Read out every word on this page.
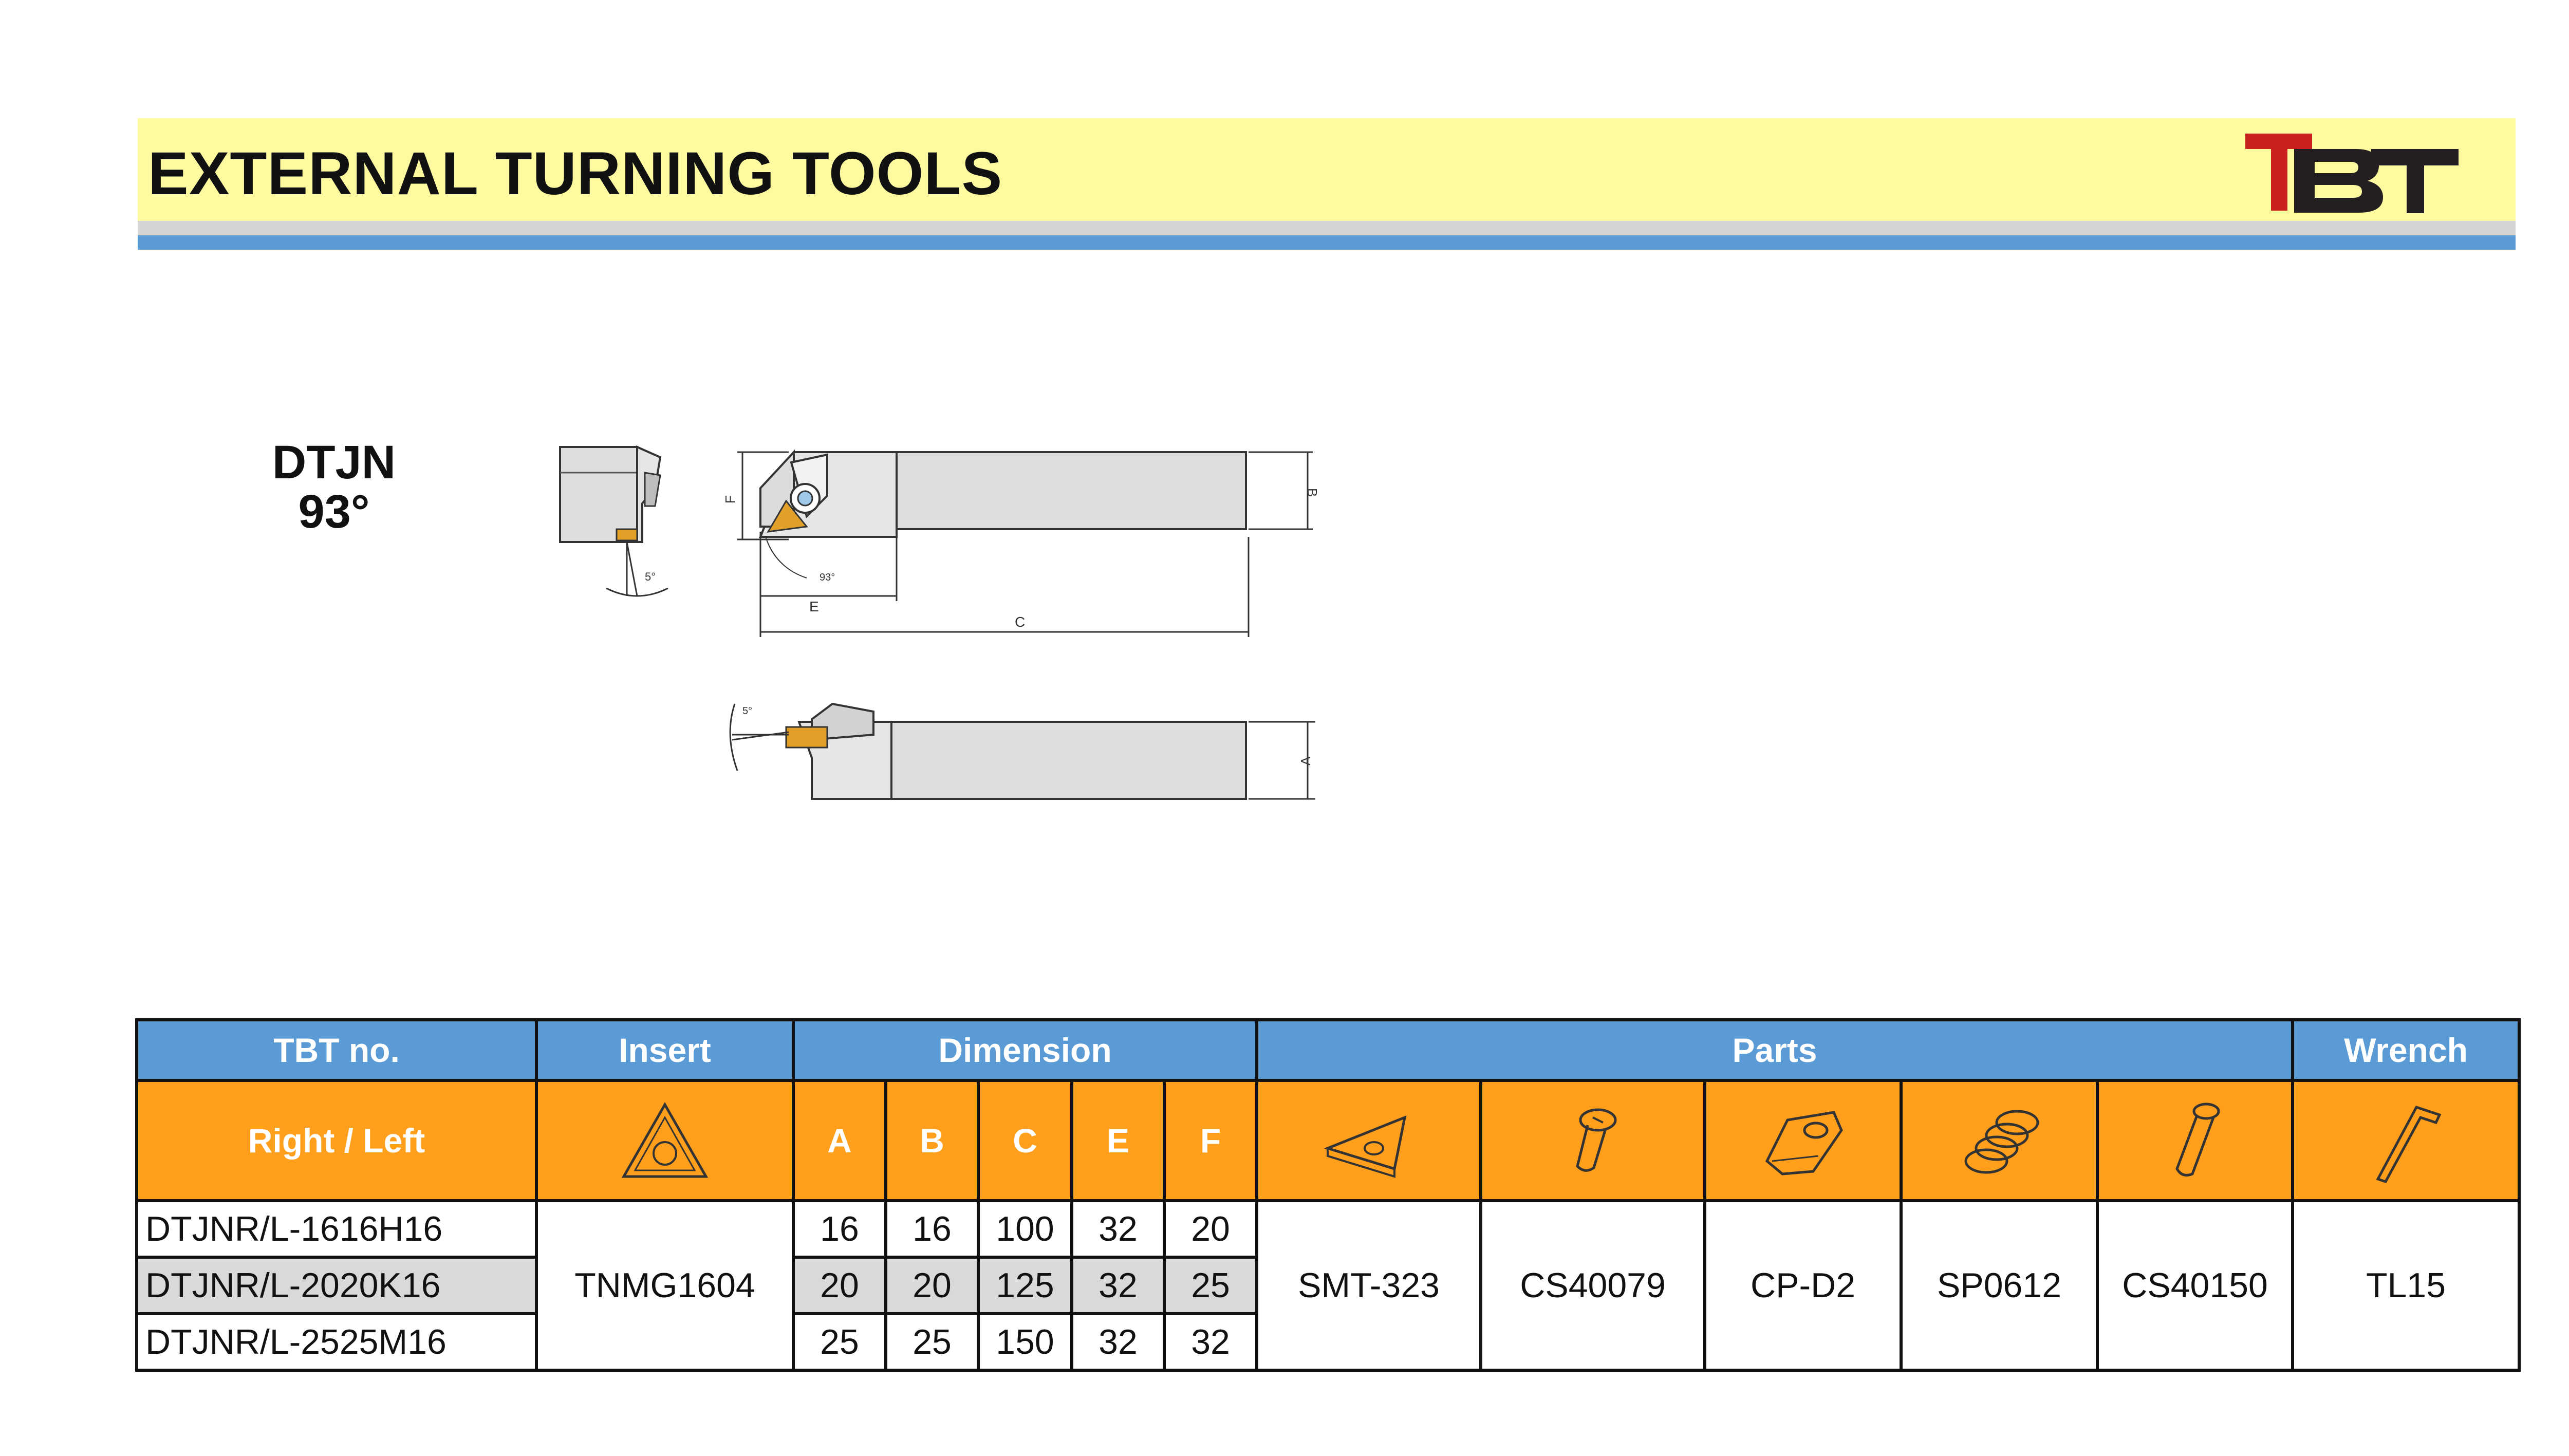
EXTERNAL TURNING TOOLS
DTJN
93°
5°
F
B
E
C
93°
5°
A
TBT no.	Insert	Dimension					Parts					Wrench
Right / Left		A	B	C	E	F	

DTJNR/L-1616H16	TNMG1604	16	16	100	32	20	SMT-323	CS40079	CP-D2	SP0612	CS40150	TL15
DTJNR/L-2020K16		20	20	125	32	25						
DTJNR/L-2525M16		25	25	150	32	32						
